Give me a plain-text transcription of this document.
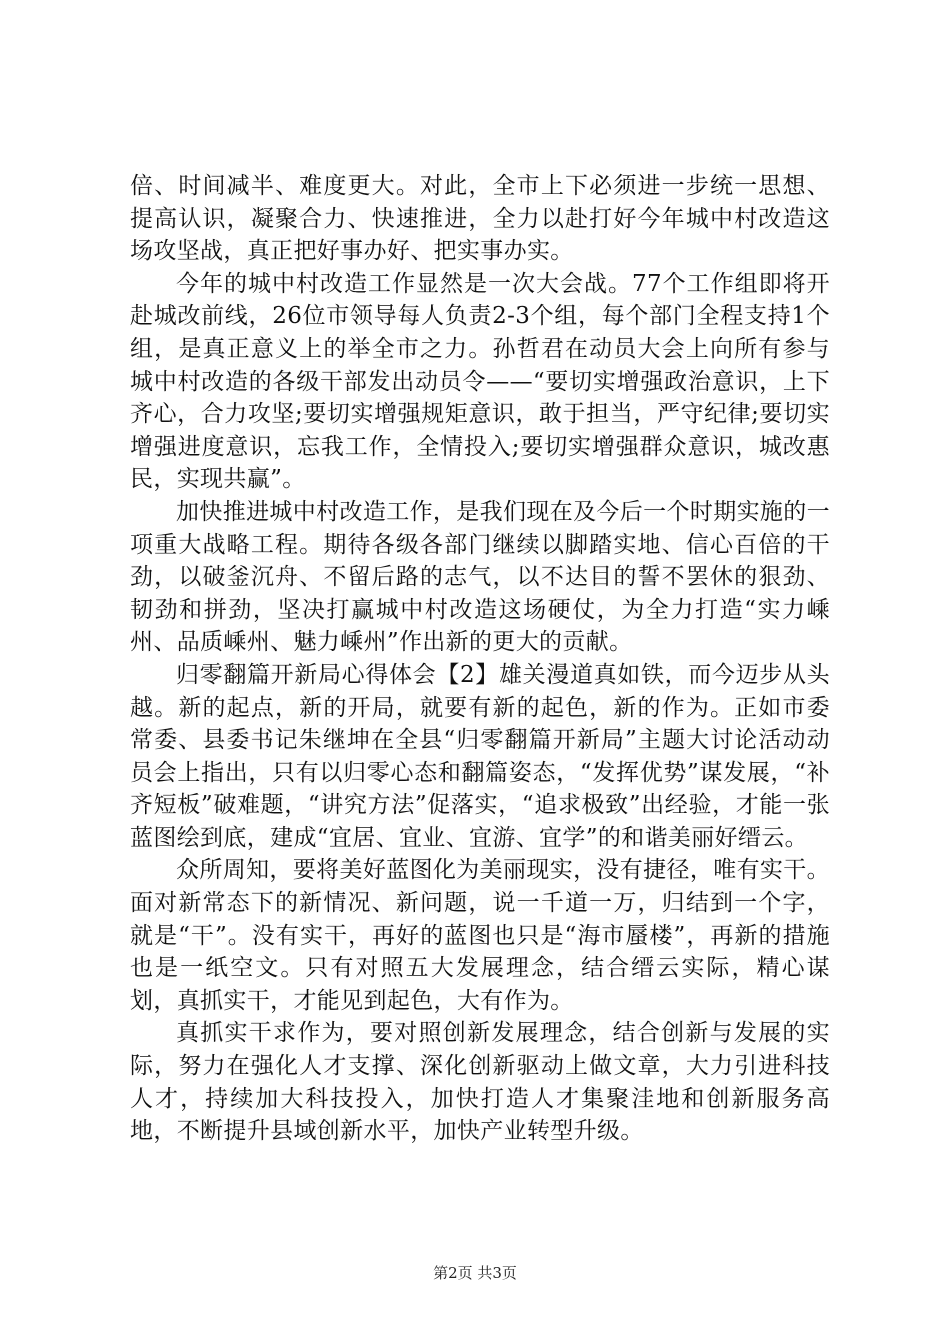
倍、时间减半、难度更大。对此，全市上下必须进一步统一思想、提高认识，凝聚合力、快速推进，全力以赴打好今年城中村改造这场攻坚战，真正把好事办好、把实事办实。

今年的城中村改造工作显然是一次大会战。77个工作组即将开赴城改前线，26位市领导每人负责2-3个组，每个部门全程支持1个组，是真正意义上的举全市之力。孙哲君在动员大会上向所有参与城中村改造的各级干部发出动员令——“要切实增强政治意识，上下齐心，合力攻坚;要切实增强规矩意识，敢于担当，严守纪律;要切实增强进度意识，忘我工作，全情投入;要切实增强群众意识，城改惠民，实现共赢”。

加快推进城中村改造工作，是我们现在及今后一个时期实施的一项重大战略工程。期待各级各部门继续以脚踏实地、信心百倍的干劲，以破釜沉舟、不留后路的志气，以不达目的誓不罢休的狠劲、韧劲和拼劲，坚决打赢城中村改造这场硬仗，为全力打造“实力嵊州、品质嵊州、魅力嵊州”作出新的更大的贡献。

归零翻篇开新局心得体会【2】雄关漫道真如铁，而今迈步从头越。新的起点，新的开局，就要有新的起色，新的作为。正如市委常委、县委书记朱继坤在全县“归零翻篇开新局”主题大讨论活动动员会上指出，只有以归零心态和翻篇姿态，“发挥优势”谋发展，“补齐短板”破难题，“讲究方法”促落实，“追求极致”出经验，才能一张蓝图绘到底，建成“宜居、宜业、宜游、宜学”的和谐美丽好缙云。

众所周知，要将美好蓝图化为美丽现实，没有捷径，唯有实干。面对新常态下的新情况、新问题，说一千道一万，归结到一个字，就是“干”。没有实干，再好的蓝图也只是“海市蜃楼”，再新的措施也是一纸空文。只有对照五大发展理念，结合缙云实际，精心谋划，真抓实干，才能见到起色，大有作为。

真抓实干求作为，要对照创新发展理念，结合创新与发展的实际，努力在强化人才支撑、深化创新驱动上做文章，大力引进科技人才，持续加大科技投入，加快打造人才集聚洼地和创新服务高地，不断提升县域创新水平，加快产业转型升级。

第2页 共3页
